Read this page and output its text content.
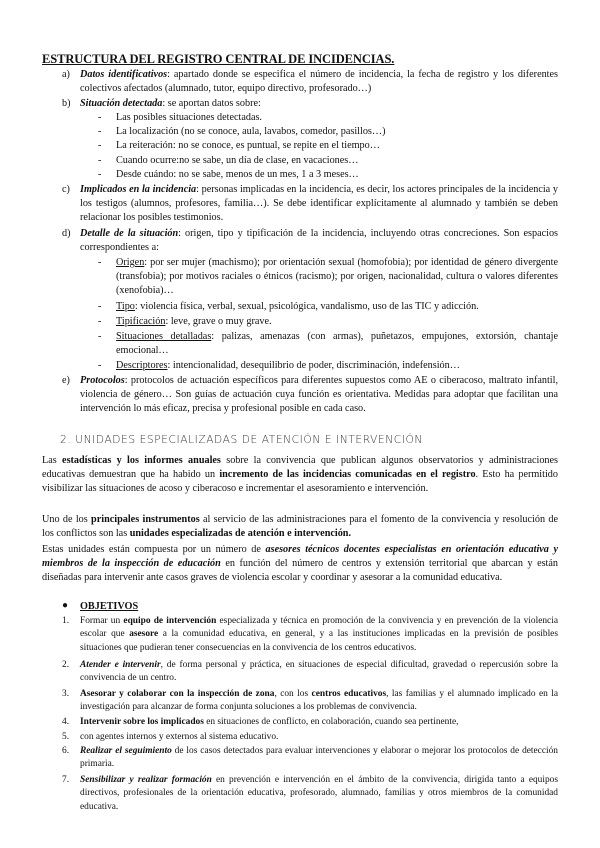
ESTRUCTURA DEL REGISTRO CENTRAL DE INCIDENCIAS.
a) Datos identificativos: apartado donde se especifica el número de incidencia, la fecha de registro y los diferentes colectivos afectados (alumnado, tutor, equipo directivo, profesorado…)
b) Situación detectada: se aportan datos sobre:
- Las posibles situaciones detectadas.
- La localización (no se conoce, aula, lavabos, comedor, pasillos…)
- La reiteración: no se conoce, es puntual, se repite en el tiempo…
- Cuando ocurre:no se sabe, un día de clase, en vacaciones…
- Desde cuándo: no se sabe, menos de un mes, 1 a 3 meses…
c) Implicados en la incidencia: personas implicadas en la incidencia, es decir, los actores principales de la incidencia y los testigos (alumnos, profesores, familia…). Se debe identificar explícitamente al alumnado y también se deben relacionar los posibles testimonios.
d) Detalle de la situación: origen, tipo y tipificación de la incidencia, incluyendo otras concreciones. Son espacios correspondientes a:
- Origen: por ser mujer (machismo); por orientación sexual (homofobia); por identidad de género divergente (transfobia); por motivos raciales o étnicos (racismo); por origen, nacionalidad, cultura o valores diferentes (xenofobia)…
- Tipo: violencia física, verbal, sexual, psicológica, vandalismo, uso de las TIC y adicción.
- Tipificación: leve, grave o muy grave.
- Situaciones detalladas: palizas, amenazas (con armas), puñetazos, empujones, extorsión, chantaje emocional…
- Descriptores: intencionalidad, desequilibrio de poder, discriminación, indefensión…
e) Protocolos: protocolos de actuación específicos para diferentes supuestos como AE o ciberacoso, maltrato infantil, violencia de género… Son guías de actuación cuya función es orientativa. Medidas para adoptar que facilitan una intervención lo más eficaz, precisa y profesional posible en cada caso.
2. UNIDADES ESPECIALIZADAS DE ATENCIÓN E INTERVENCIÓN
Las estadísticas y los informes anuales sobre la convivencia que publican algunos observatorios y administraciones educativas demuestran que ha habido un incremento de las incidencias comunicadas en el registro. Esto ha permitido visibilizar las situaciones de acoso y ciberacoso e incrementar el asesoramiento e intervención.
Uno de los principales instrumentos al servicio de las administraciones para el fomento de la convivencia y resolución de los conflictos son las unidades especializadas de atención e intervención.
Estas unidades están compuesta por un número de asesores técnicos docentes especialistas en orientación educativa y miembros de la inspección de educación en función del número de centros y extensión territorial que abarcan y están diseñadas para intervenir ante casos graves de violencia escolar y coordinar y asesorar a la comunidad educativa.
● OBJETIVOS
1. Formar un equipo de intervención especializada y técnica en promoción de la convivencia y en prevención de la violencia escolar que asesore a la comunidad educativa, en general, y a las instituciones implicadas en la previsión de posibles situaciones que pudieran tener consecuencias en la convivencia de los centros educativos.
2. Atender e intervenir, de forma personal y práctica, en situaciones de especial dificultad, gravedad o repercusión sobre la convivencia de un centro.
3. Asesorar y colaborar con la inspección de zona, con los centros educativos, las familias y el alumnado implicado en la investigación para alcanzar de forma conjunta soluciones a los problemas de convivencia.
4. Intervenir sobre los implicados en situaciones de conflicto, en colaboración, cuando sea pertinente,
5. con agentes internos y externos al sistema educativo.
6. Realizar el seguimiento de los casos detectados para evaluar intervenciones y elaborar o mejorar los protocolos de detección primaria.
7. Sensibilizar y realizar formación en prevención e intervención en el ámbito de la convivencia, dirigida tanto a equipos directivos, profesionales de la orientación educativa, profesorado, alumnado, familias y otros miembros de la comunidad educativa.
